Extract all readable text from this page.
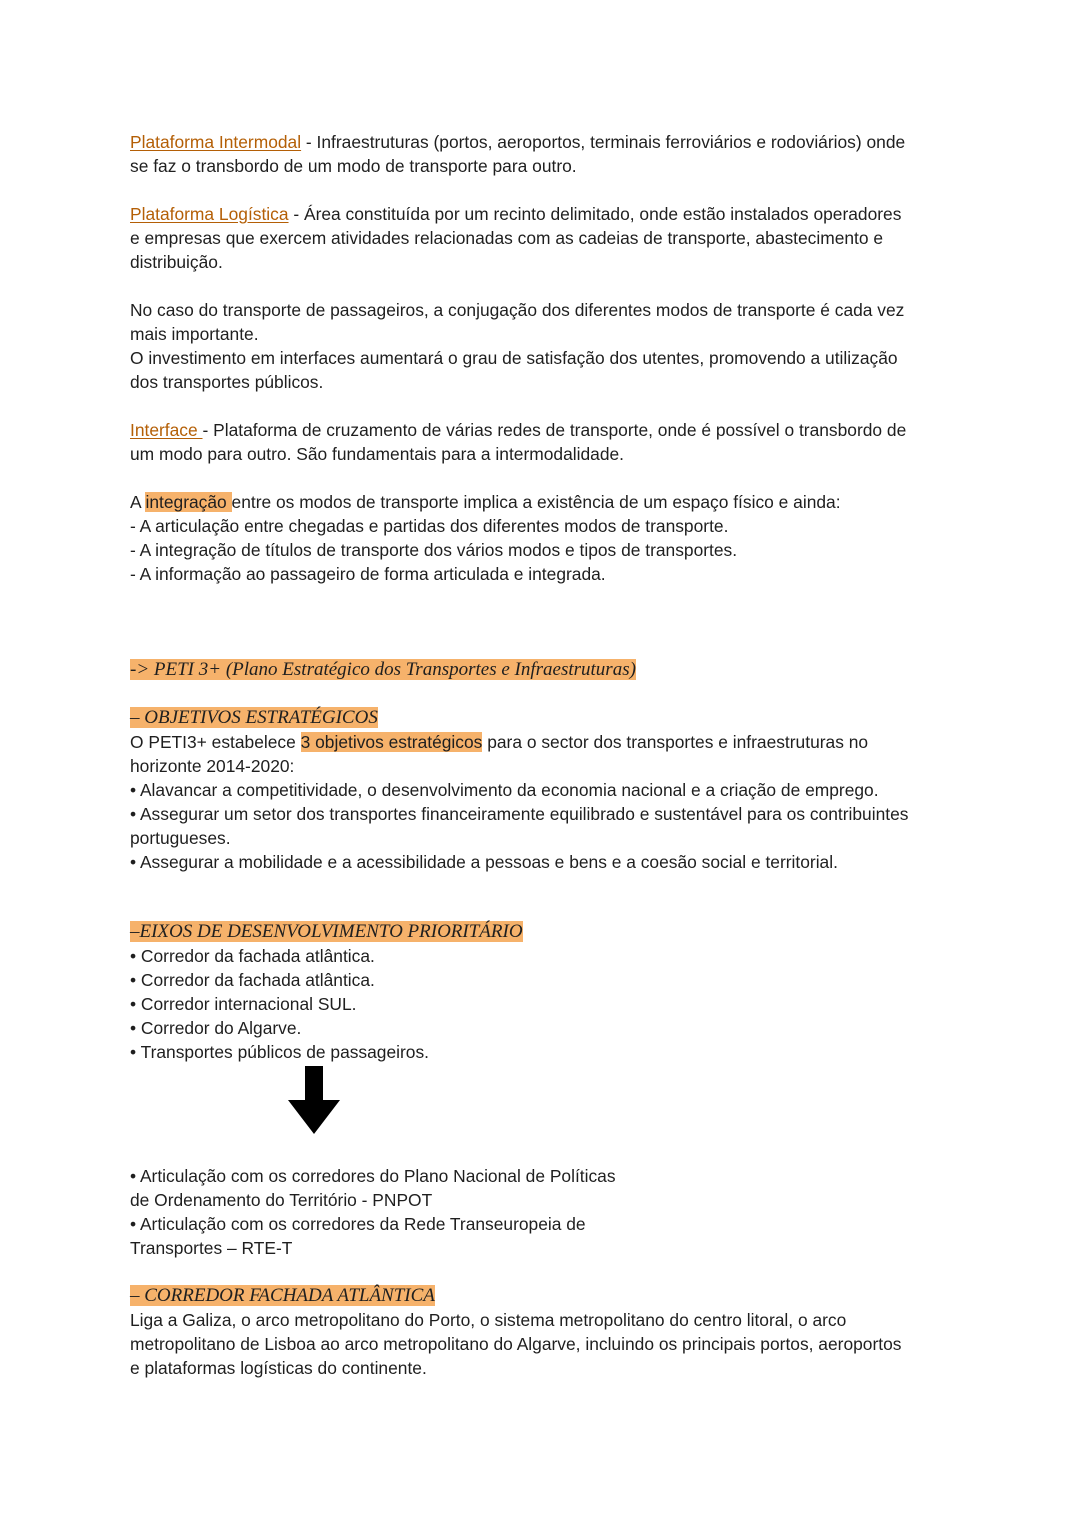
Plataforma Intermodal - Infraestruturas (portos, aeroportos, terminais ferroviários e rodoviários) onde
se faz o transbordo de um modo de transporte para outro.
Plataforma Logística - Área constituída por um recinto delimitado, onde estão instalados operadores
e empresas que exercem atividades relacionadas com as cadeias de transporte, abastecimento e
distribuição.
No caso do transporte de passageiros, a conjugação dos diferentes modos de transporte é cada vez
mais importante.
O investimento em interfaces aumentará o grau de satisfação dos utentes, promovendo a utilização
dos transportes públicos.
Interface - Plataforma de cruzamento de várias redes de transporte, onde é possível o transbordo de
um modo para outro. São fundamentais para a intermodalidade.
A integração entre os modos de transporte implica a existência de um espaço físico e ainda:
- A articulação entre chegadas e partidas dos diferentes modos de transporte.
- A integração de títulos de transporte dos vários modos e tipos de transportes.
- A informação ao passageiro de forma articulada e integrada.
-> PETI 3+ (Plano Estratégico dos Transportes e Infraestruturas)
– OBJETIVOS ESTRATÉGICOS
O PETI3+ estabelece 3 objetivos estratégicos para o sector dos transportes e infraestruturas no
horizonte 2014-2020:
• Alavancar a competitividade, o desenvolvimento da economia nacional e a criação de emprego.
• Assegurar um setor dos transportes financeiramente equilibrado e sustentável para os contribuintes
portugueses.
• Assegurar a mobilidade e a acessibilidade a pessoas e bens e a coesão social e territorial.
–EIXOS DE DESENVOLVIMENTO PRIORITÁRIO
• Corredor da fachada atlântica.
• Corredor da fachada atlântica.
• Corredor internacional SUL.
• Corredor do Algarve.
• Transportes públicos de passageiros.
• Articulação com os corredores do Plano Nacional de Políticas
de Ordenamento do Território - PNPOT
• Articulação com os corredores da Rede Transeuropeia de
Transportes – RTE-T
– CORREDOR FACHADA ATLÂNTICA
Liga a Galiza, o arco metropolitano do Porto, o sistema metropolitano do centro litoral, o arco
metropolitano de Lisboa ao arco metropolitano do Algarve, incluindo os principais portos, aeroportos
e plataformas logísticas do continente.
